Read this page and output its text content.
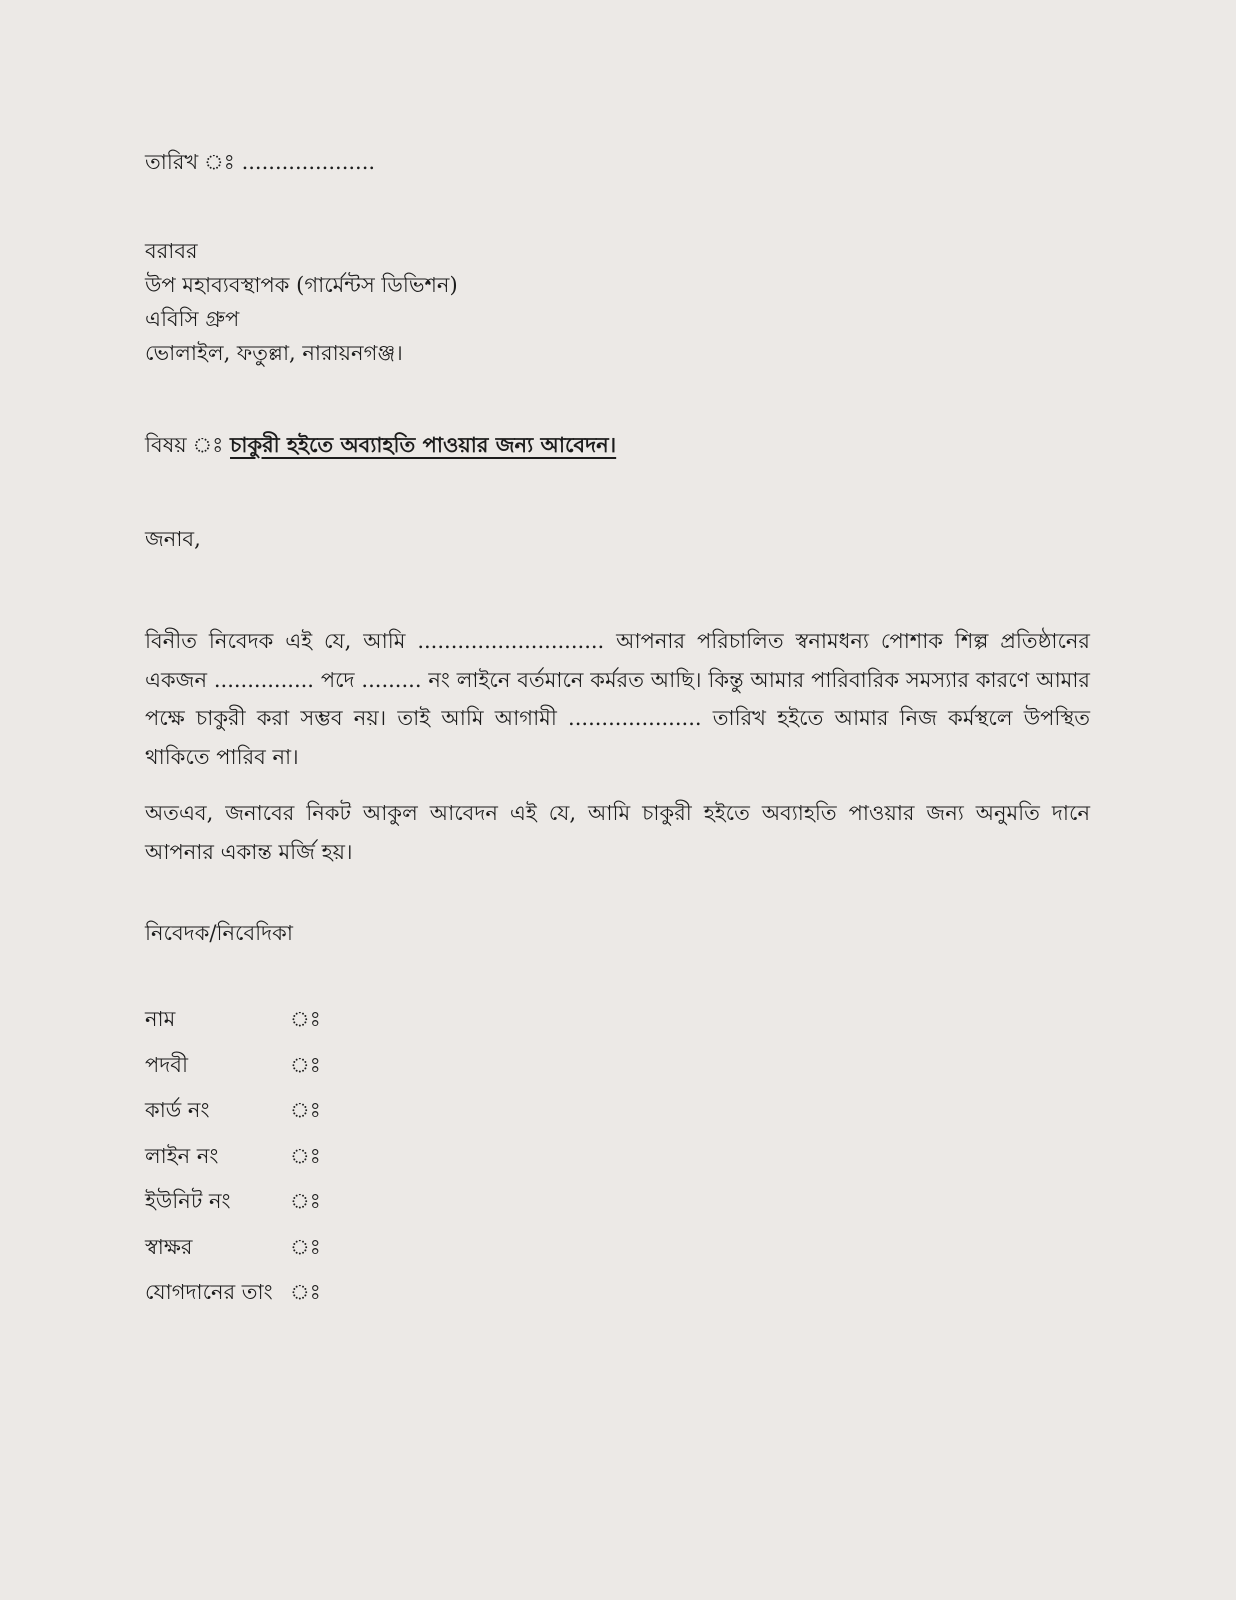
তারিখ ঃ ....................
বরাবর
উপ মহাব্যবস্থাপক (গার্মেন্টস ডিভিশন)
এবিসি গ্রুপ
ভোলাইল, ফতুল্লা, নারায়নগঞ্জ।
বিষয় ঃ চাকুরী হইতে অব্যাহতি পাওয়ার জন্য আবেদন।
জনাব,

বিনীত নিবেদক এই যে, আমি ............................ আপনার পরিচালিত স্বনামধন্য পোশাক শিল্প প্রতিষ্ঠানের একজন ............... পদে ......... নং লাইনে বর্তমানে কর্মরত আছি। কিন্তু আমার পারিবারিক সমস্যার কারণে আমার পক্ষে চাকুরী করা সম্ভব নয়। তাই আমি আগামী .................... তারিখ হইতে আমার নিজ কর্মস্থলে উপস্থিত থাকিতে পারিব না।

অতএব, জনাবের নিকট আকুল আবেদন এই যে, আমি চাকুরী হইতে অব্যাহতি পাওয়ার জন্য অনুমতি দানে আপনার একান্ত মর্জি হয়।

নিবেদক/নিবেদিকা
নাম	ঃ
পদবী	ঃ
কার্ড নং	ঃ
লাইন নং	ঃ
ইউনিট নং	ঃ
স্বাক্ষর	ঃ
যোগদানের তাং ঃ
